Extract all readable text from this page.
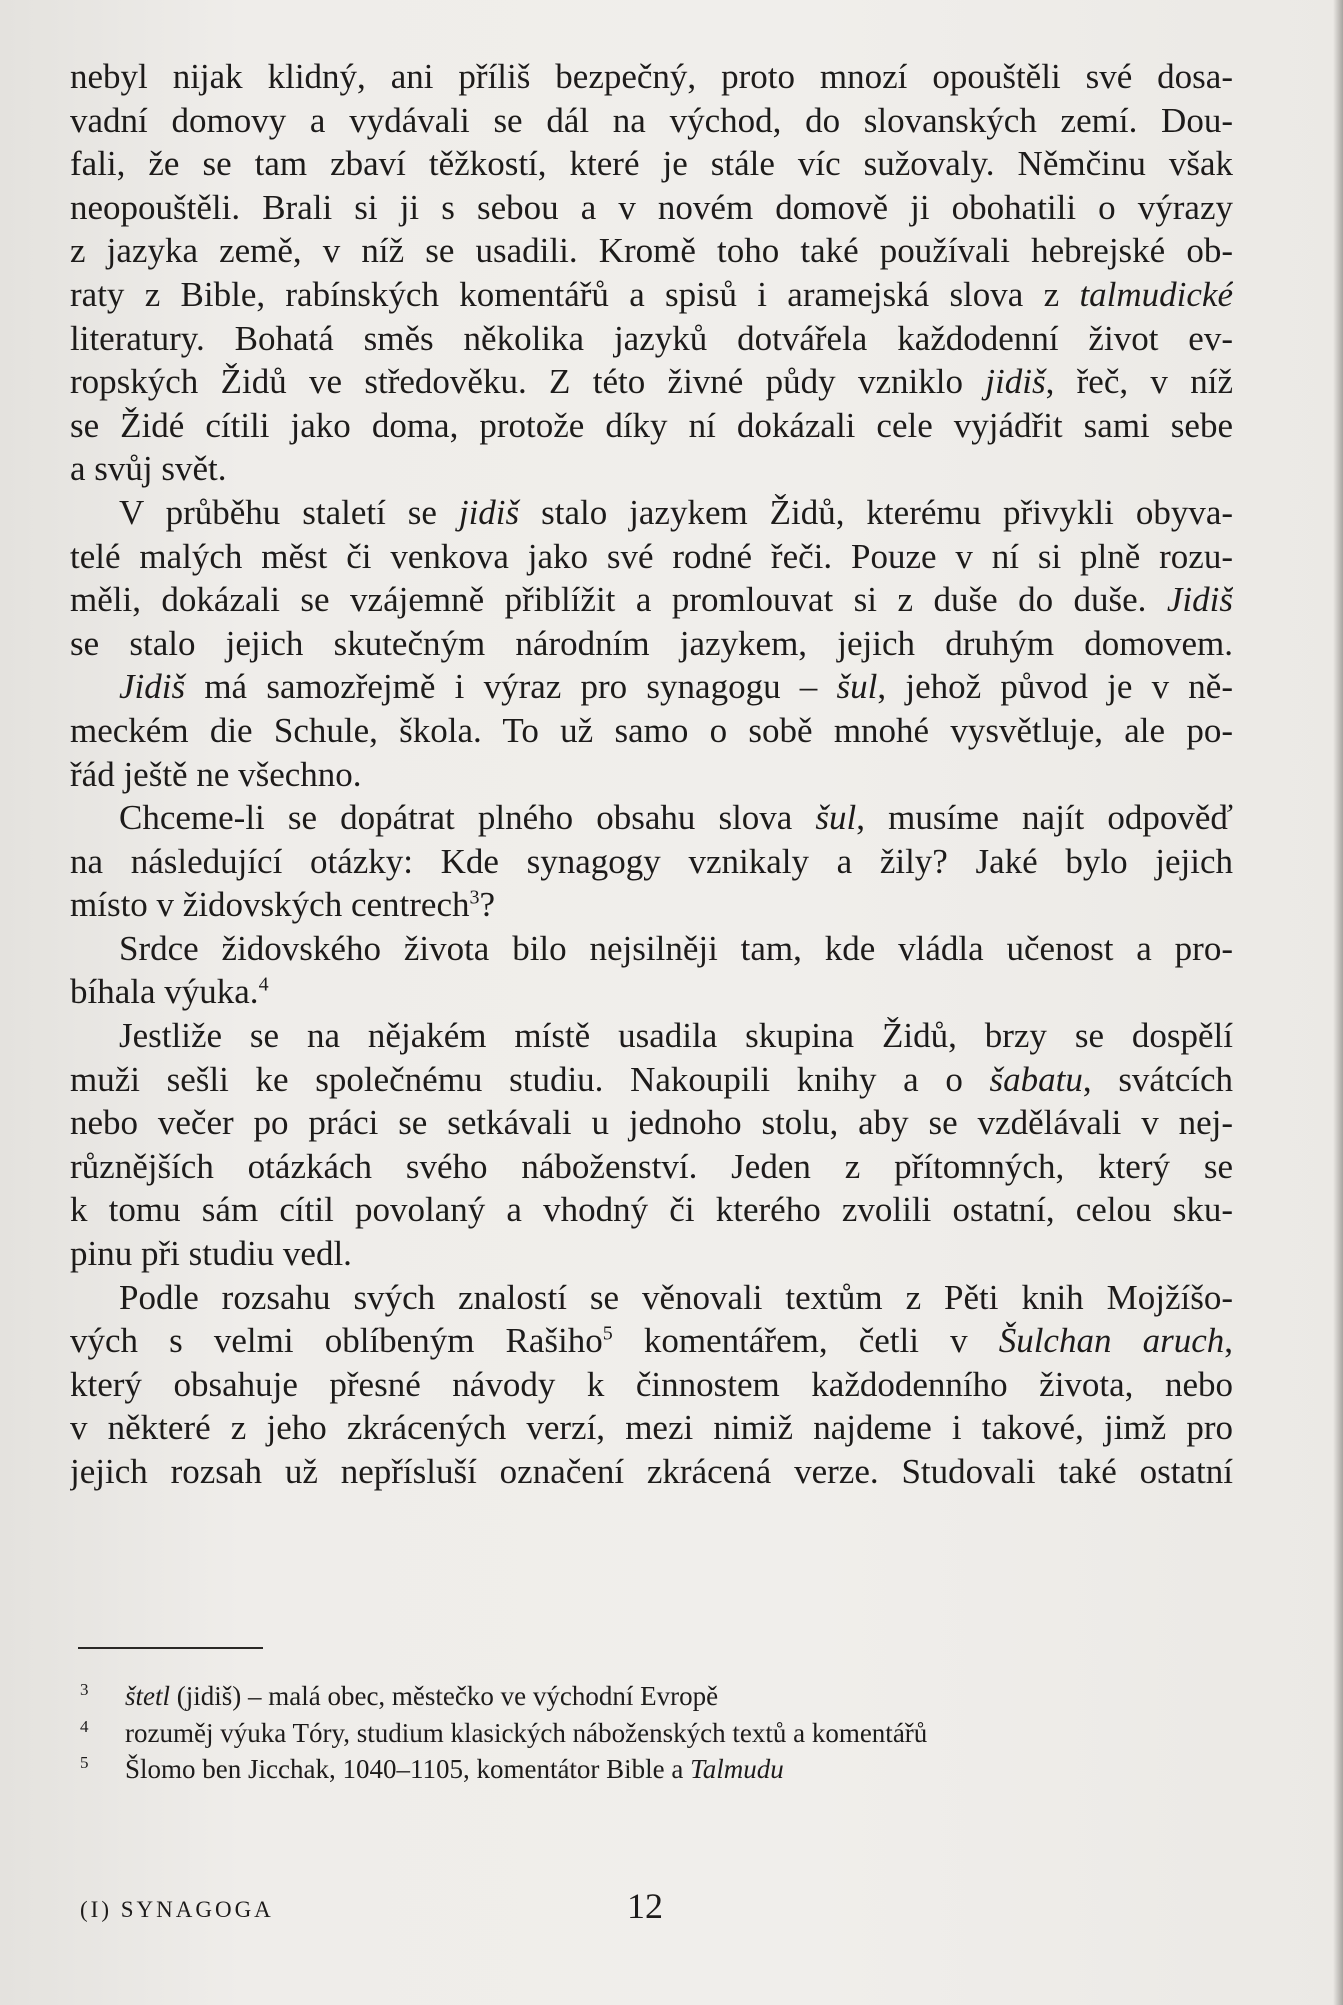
nebyl nijak klidný, ani příliš bezpečný, proto mnozí opouštěli své dosa-
vadní domovy a vydávali se dál na východ, do slovanských zemí. Dou-
fali, že se tam zbaví těžkostí, které je stále víc sužovaly. Němčinu však
neopouštěli. Brali si ji s sebou a v novém domově ji obohatili o výrazy
z jazyka země, v níž se usadili. Kromě toho také používali hebrejské ob-
raty z Bible, rabínských komentářů a spisů i aramejská slova z talmudické
literatury. Bohatá směs několika jazyků dotvářela každodenní život ev-
ropských Židů ve středověku. Z této živné půdy vzniklo jidiš, řeč, v níž
se Židé cítili jako doma, protože díky ní dokázali cele vyjádřit sami sebe
a svůj svět.
V průběhu staletí se jidiš stalo jazykem Židů, kterému přivykli obyva-
telé malých měst či venkova jako své rodné řeči. Pouze v ní si plně rozu-
měli, dokázali se vzájemně přiblížit a promlouvat si z duše do duše. Jidiš
se stalo jejich skutečným národním jazykem, jejich druhým domovem.
Jidiš má samozřejmě i výraz pro synagogu – šul, jehož původ je v ně-
meckém die Schule, škola. To už samo o sobě mnohé vysvětluje, ale po-
řád ještě ne všechno.
Chceme-li se dopátrat plného obsahu slova šul, musíme najít odpověď
na následující otázky: Kde synagogy vznikaly a žily? Jaké bylo jejich
místo v židovských centrech$^3$?
Srdce židovského života bilo nejsilněji tam, kde vládla učenost a pro-
bíhala výuka.$^4$
Jestliže se na nějakém místě usadila skupina Židů, brzy se dospělí
muži sešli ke společnému studiu. Nakoupili knihy a o šabatu, svátcích
nebo večer po práci se setkávali u jednoho stolu, aby se vzdělávali v nej-
různějších otázkách svého náboženství. Jeden z přítomných, který se
k tomu sám cítil povolaný a vhodný či kterého zvolili ostatní, celou sku-
pinu při studiu vedl.
Podle rozsahu svých znalostí se věnovali textům z Pěti knih Mojžíšo-
vých s velmi oblíbeným Rašiho$^5$ komentářem, četli v Šulchan aruch,
který obsahuje přesné návody k činnostem každodenního života, nebo
v některé z jeho zkrácených verzí, mezi nimiž najdeme i takové, jimž pro
jejich rozsah už nepřísluší označení zkrácená verze. Studovali také ostatní
3 štetl (jidiš) – malá obec, městečko ve východní Evropě
4 rozuměj výuka Tóry, studium klasických náboženských textů a komentářů
5 Šlomo ben Jicchak, 1040–1105, komentátor Bible a Talmudu
(I) SYNAGOGA	12
